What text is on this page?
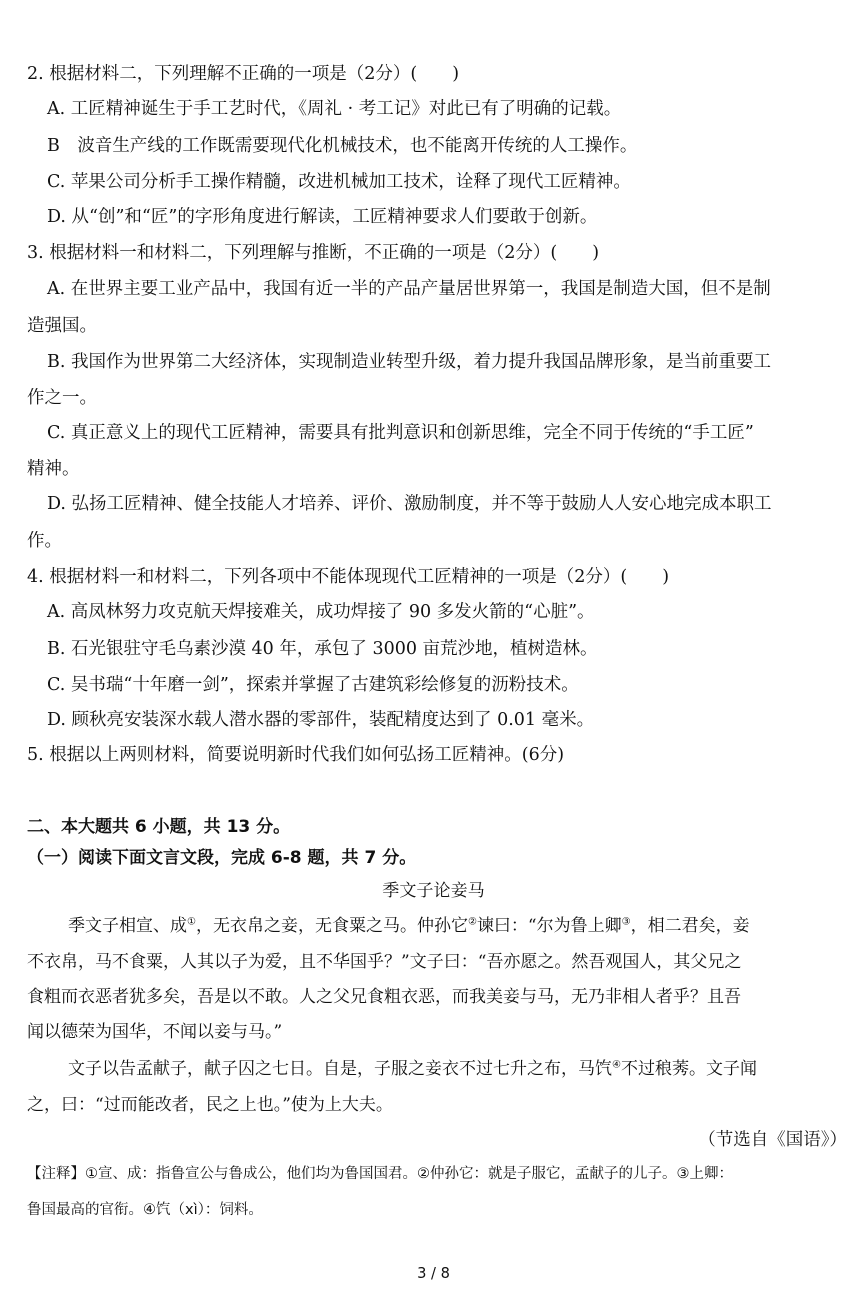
2. 根据材料二，下列理解不正确的一项是（2分）(　　)
A. 工匠精神诞生于手工艺时代，《周礼 · 考工记》对此已有了明确的记载。
B　波音生产线的工作既需要现代化机械技术，也不能离开传统的人工操作。
C. 苹果公司分析手工操作精髓，改进机械加工技术，诠释了现代工匠精神。
D. 从“创”和“匠”的字形角度进行解读，工匠精神要求人们要敢于创新。
3. 根据材料一和材料二，下列理解与推断，不正确的一项是（2分）(　　)
A. 在世界主要工业产品中，我国有近一半的产品产量居世界第一，我国是制造大国，但不是制
造强国。
B. 我国作为世界第二大经济体，实现制造业转型升级，着力提升我国品牌形象，是当前重要工
作之一。
C. 真正意义上的现代工匠精神，需要具有批判意识和创新思维，完全不同于传统的“手工匠”
精神。
D. 弘扬工匠精神、健全技能人才培养、评价、激励制度，并不等于鼓励人人安心地完成本职工
作。
4. 根据材料一和材料二，下列各项中不能体现现代工匠精神的一项是（2分）(　　)
A. 高凤林努力攻克航天焊接难关，成功焊接了 90 多发火箭的“心脏”。
B. 石光银驻守毛乌素沙漠 40 年，承包了 3000 亩荒沙地，植树造林。
C. 吴书瑞“十年磨一剑”，探索并掌握了古建筑彩绘修复的沥粉技术。
D. 顾秋亮安装深水载人潜水器的零部件，装配精度达到了 0.01 毫米。
5. 根据以上两则材料，简要说明新时代我们如何弘扬工匠精神。(6分)
二、本大题共 6 小题，共 13 分。
（一）阅读下面文言文段，完成 6-8 题，共 7 分。
季文子论妾马
季文子相宣、成①，无衣帛之妾，无食粟之马。仲孙它②谏曰：“尔为鲁上卿③，相二君矣，妾
不衣帛，马不食粟，人其以子为爱，且不华国乎？”文子曰：“吾亦愿之。然吾观国人，其父兄之
食粗而衣恶者犹多矣，吾是以不敢。人之父兄食粗衣恶，而我美妾与马，无乃非相人者乎？且吾
闻以德荣为国华，不闻以妾与马。”
文子以告孟献子，献子囚之七日。自是，子服之妾衣不过七升之布，马饩④不过稂莠。文子闻
之，曰：“过而能改者，民之上也。”使为上大夫。
（节选自《国语》）
【注释】①宣、成：指鲁宣公与鲁成公，他们均为鲁国国君。②仲孙它：就是子服它，孟献子的儿子。③上卿：
鲁国最高的官衔。④饩（xì）：饲料。
3 / 8
